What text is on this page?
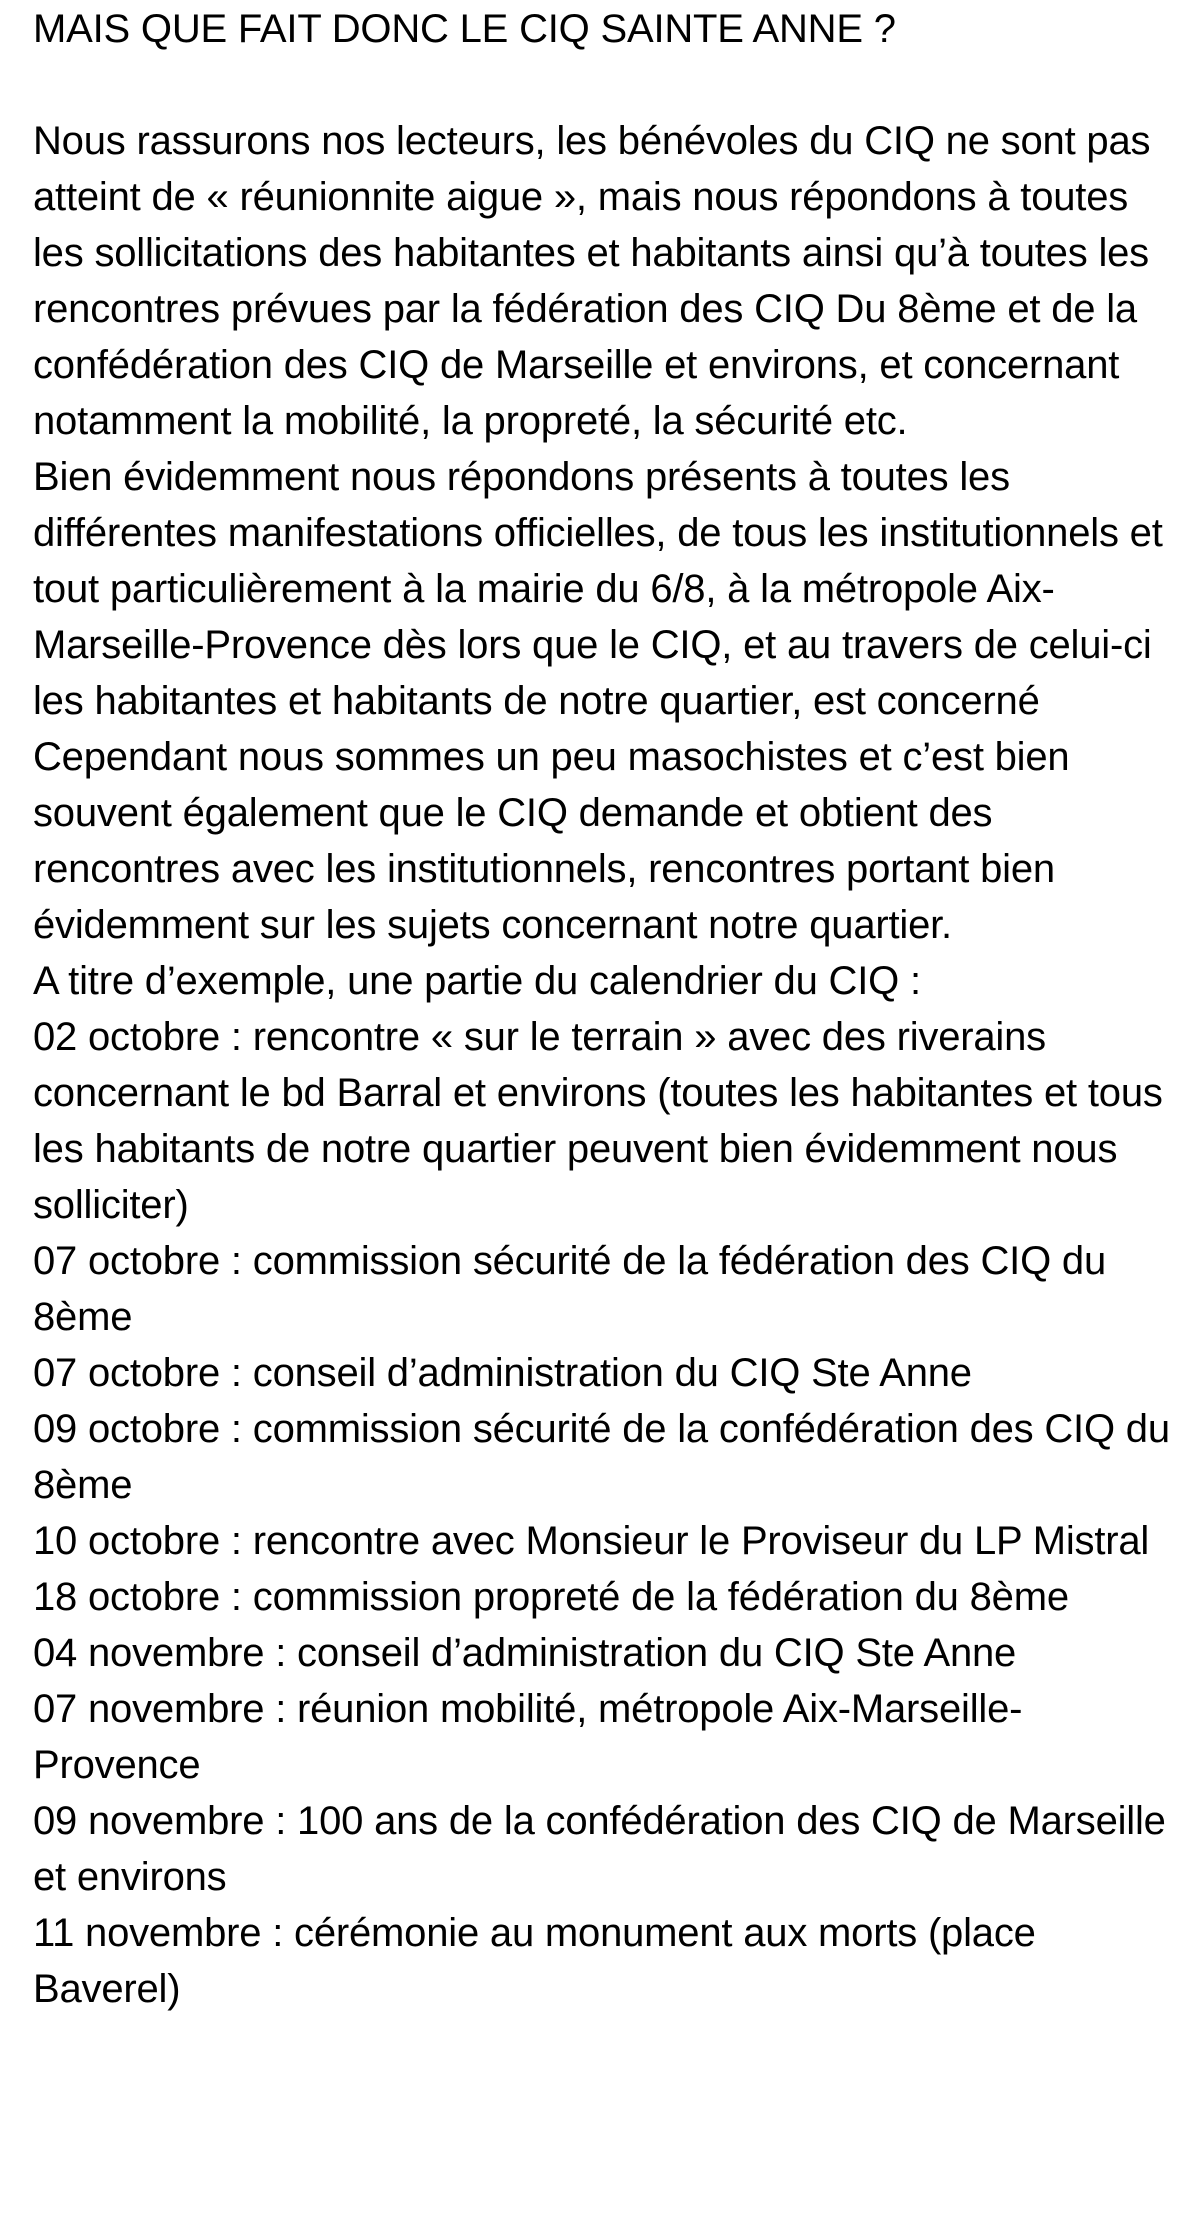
MAIS QUE FAIT DONC LE CIQ SAINTE ANNE ?

Nous rassurons nos lecteurs, les bénévoles du CIQ ne sont pas atteint de « réunionnite aigue », mais nous répondons à toutes les sollicitations des habitantes et habitants ainsi qu’à toutes les rencontres prévues par la fédération des CIQ Du 8ème et de la confédération des CIQ de Marseille et environs, et concernant notamment la mobilité, la propreté, la sécurité etc.

Bien évidemment nous répondons présents à toutes les différentes manifestations officielles, de tous les institutionnels et tout particulièrement à la mairie du 6/8, à la métropole Aix-Marseille-Provence dès lors que le CIQ, et au travers de celui-ci les habitantes et habitants de notre quartier, est concerné

Cependant nous sommes un peu masochistes et c’est bien souvent également que le CIQ demande et obtient des rencontres avec les institutionnels, rencontres portant bien évidemment sur les sujets concernant notre quartier.

A titre d’exemple, une partie du calendrier du CIQ :

02 octobre : rencontre « sur le terrain » avec des riverains concernant le bd Barral et environs (toutes les habitantes et tous les habitants de notre quartier peuvent bien évidemment nous solliciter)

07 octobre : commission sécurité de la fédération des CIQ du 8ème

07 octobre : conseil d’administration du CIQ Ste Anne

09 octobre : commission sécurité de la confédération des CIQ du 8ème

10 octobre : rencontre avec Monsieur le Proviseur du LP Mistral

18 octobre : commission propreté de la fédération du 8ème

04 novembre : conseil d’administration du CIQ Ste Anne

07 novembre : réunion mobilité, métropole Aix-Marseille-Provence

09 novembre : 100 ans de la confédération des CIQ de Marseille et environs

11 novembre : cérémonie au monument aux morts (place Baverel)
